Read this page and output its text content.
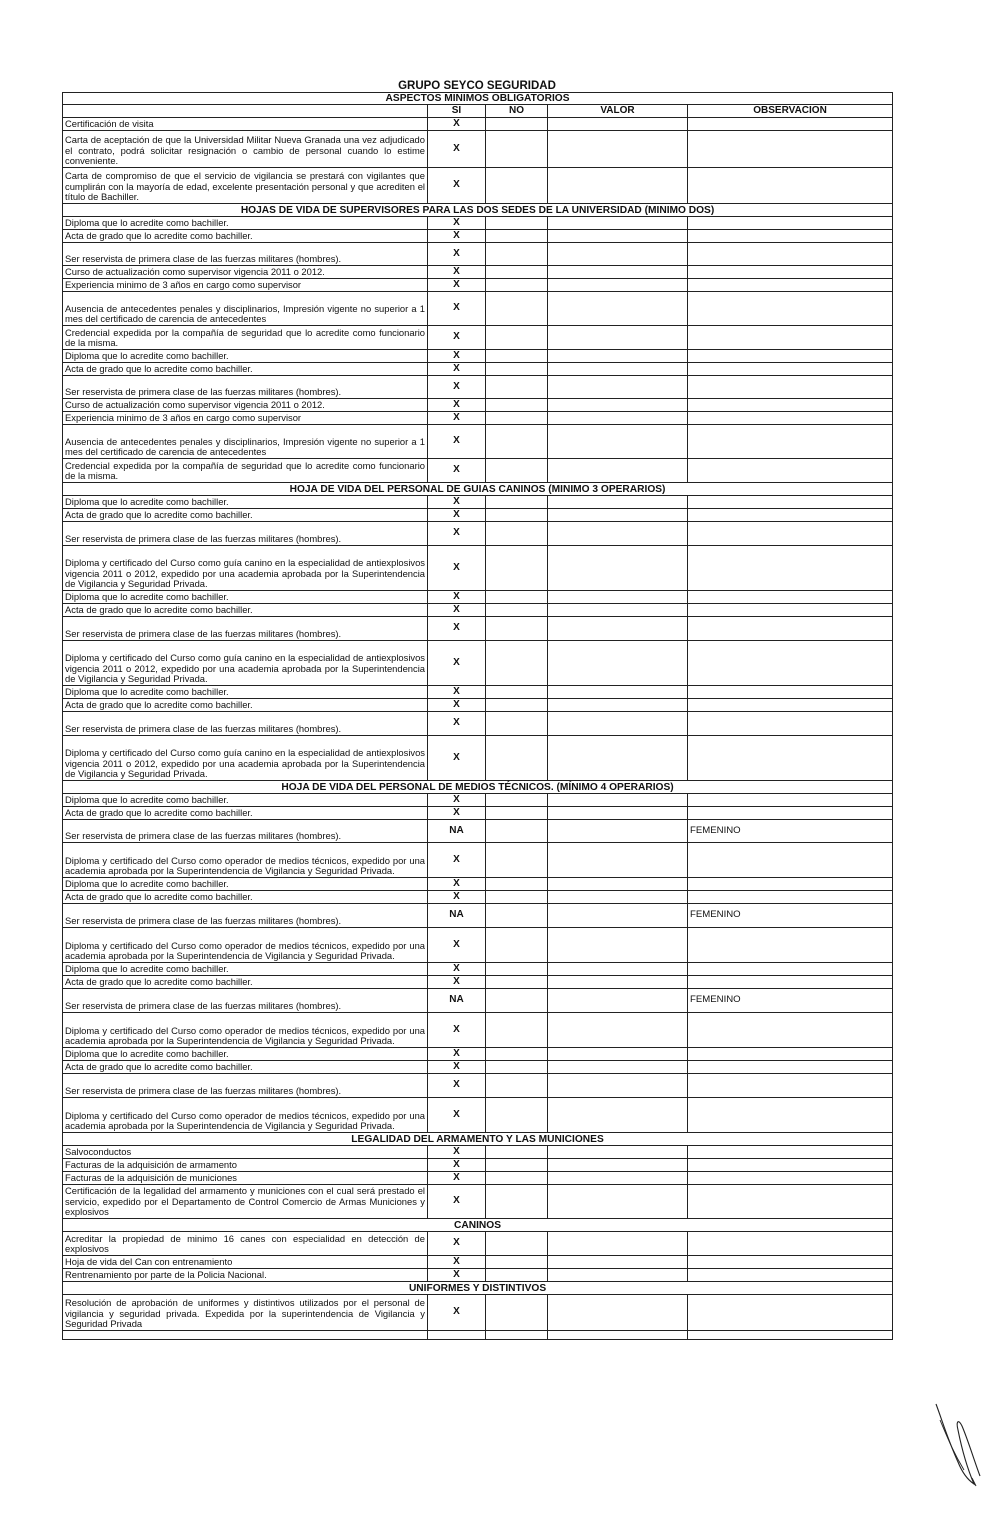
GRUPO SEYCO SEGURIDAD
ASPECTOS MINIMOS OBLIGATORIOS				
	SI	NO	VALOR	OBSERVACION
Certificación de visita	X			
Carta de aceptación de que la Universidad Militar Nueva Granada una vez adjudicado el contrato, podrá solicitar resignación o cambio de personal cuando lo estime conveniente.	X			
Carta de compromiso de que el servicio de vigilancia se prestará con vigilantes que cumplirán con la mayoría de edad, excelente presentación personal y que acrediten el título de Bachiller.	X			
HOJAS DE VIDA DE SUPERVISORES PARA LAS DOS SEDES DE LA UNIVERSIDAD (MINIMO DOS)				
Diploma que lo acredite como bachiller.	X			
Acta de grado que lo acredite como bachiller.	X			
Ser reservista de primera clase de las fuerzas militares (hombres).	X			
Curso de actualización como supervisor vigencia 2011 o 2012.	X			
Experiencia minimo de 3 años en cargo como supervisor	X			
Ausencia de antecedentes penales y disciplinarios, Impresión vigente no superior a 1 mes del certificado de carencia de antecedentes	X			
Credencial expedida por la compañía de seguridad que lo acredite como funcionario de la misma.	X			
Diploma que lo acredite como bachiller.	X			
Acta de grado que lo acredite como bachiller.	X			
Ser reservista de primera clase de las fuerzas militares (hombres).	X			
Curso de actualización como supervisor vigencia 2011 o 2012.	X			
Experiencia minimo de 3 años en cargo como supervisor	X			
Ausencia de antecedentes penales y disciplinarios, Impresión vigente no superior a 1 mes del certificado de carencia de antecedentes	X			
Credencial expedida por la compañía de seguridad que lo acredite como funcionario de la misma.	X			
HOJA DE VIDA DEL PERSONAL DE GUIAS CANINOS (MINIMO 3 OPERARIOS)				
Diploma que lo acredite como bachiller.	X			
Acta de grado que lo acredite como bachiller.	X			
Ser reservista de primera clase de las fuerzas militares (hombres).	X			
Diploma y certificado del Curso como guía canino en la especialidad de antiexplosivos vigencia 2011 o 2012, expedido por una academia aprobada por la Superintendencia de Vigilancia y Seguridad Privada.	X			
Diploma que lo acredite como bachiller.	X			
Acta de grado que lo acredite como bachiller.	X			
Ser reservista de primera clase de las fuerzas militares (hombres).	X			
Diploma y certificado del Curso como guía canino en la especialidad de antiexplosivos vigencia 2011 o 2012, expedido por una academia aprobada por la Superintendencia de Vigilancia y Seguridad Privada.	X			
Diploma que lo acredite como bachiller.	X			
Acta de grado que lo acredite como bachiller.	X			
Ser reservista de primera clase de las fuerzas militares (hombres).	X			
Diploma y certificado del Curso como guía canino en la especialidad de antiexplosivos vigencia 2011 o 2012, expedido por una academia aprobada por la Superintendencia de Vigilancia y Seguridad Privada.	X			
HOJA DE VIDA DEL PERSONAL DE MEDIOS TÉCNICOS. (MÍNIMO 4 OPERARIOS)				
Diploma que lo acredite como bachiller.	X			
Acta de grado que lo acredite como bachiller.	X			
Ser reservista de primera clase de las fuerzas militares (hombres).	NA			FEMENINO
Diploma y certificado del Curso como operador de medios técnicos, expedido por una academia aprobada por la Superintendencia de Vigilancia y Seguridad Privada.	X			
Diploma que lo acredite como bachiller.	X			
Acta de grado que lo acredite como bachiller.	X			
Ser reservista de primera clase de las fuerzas militares (hombres).	NA			FEMENINO
Diploma y certificado del Curso como operador de medios técnicos, expedido por una academia aprobada por la Superintendencia de Vigilancia y Seguridad Privada.	X			
Diploma que lo acredite como bachiller.	X			
Acta de grado que lo acredite como bachiller.	X			
Ser reservista de primera clase de las fuerzas militares (hombres).	NA			FEMENINO
Diploma y certificado del Curso como operador de medios técnicos, expedido por una academia aprobada por la Superintendencia de Vigilancia y Seguridad Privada.	X			
Diploma que lo acredite como bachiller.	X			
Acta de grado que lo acredite como bachiller.	X			
Ser reservista de primera clase de las fuerzas militares (hombres).	X			
Diploma y certificado del Curso como operador de medios técnicos, expedido por una academia aprobada por la Superintendencia de Vigilancia y Seguridad Privada.	X			
LEGALIDAD DEL ARMAMENTO Y LAS MUNICIONES				
Salvoconductos	X			
Facturas de la adquisición de armamento	X			
Facturas de la adquisición de municiones	X			
Certificación de la legalidad del armamento y municiones con el cual será prestado el servicio, expedido por el Departamento de Control Comercio de Armas Municiones y explosivos	X			
CANINOS				
Acreditar la propiedad de minimo 16 canes con especialidad en detección de explosivos	X			
Hoja de vida del Can con entrenamiento	X			
Rentrenamiento por parte de la Policia Nacional.	X			
UNIFORMES Y DISTINTIVOS				
Resolución de aprobación de uniformes y distintivos utilizados por el personal de vigilancia y seguridad privada. Expedida por la superintendencia de Vigilancia y Seguridad Privada	X			
